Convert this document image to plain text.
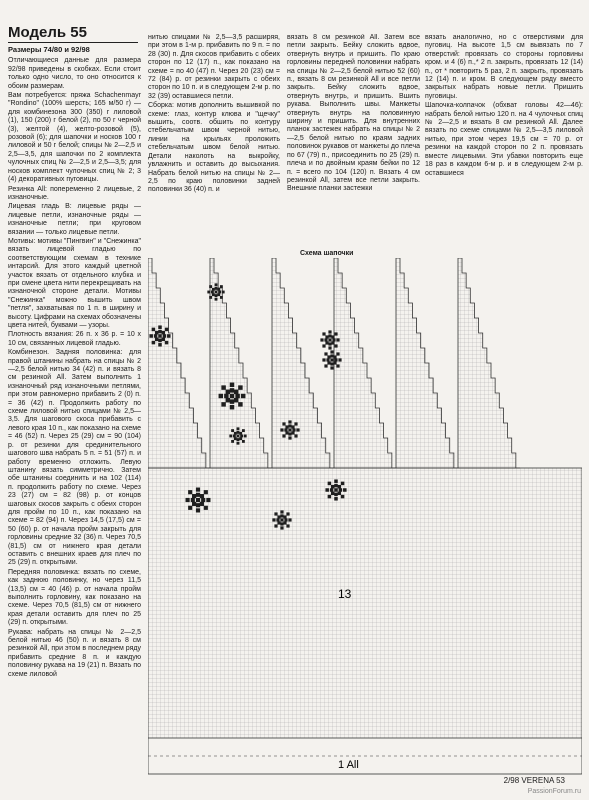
Модель 55

Размеры 74/80 и 92/98

Отличающиеся данные для размера 92/98 приведены в скобках. Если стоит только одно число, то оно относится к обоим размерам.

Вам потребуется: пряжа Schachenmayr "Rondino" (100% шерсть; 165 м/50 г) — для комбинезона 300 (350) г лиловой (1), 150 (200) г белой (2), по 50 г черной (3), желтой (4), желто-розовой (5), розовой (6); для шапочки и носков 100 г лиловой и 50 г белой; спицы № 2—2,5 и 2,5—3,5, для шапочки по 2 комплекта чулочных спиц № 2—2,5 и 2,5—3,5; для носков комплект чулочных спиц № 2; 3 (4) декоративных пуговицы.

Резинка All: попеременно 2 лицевые, 2 изнаночные.

Лицевая гладь В: лицевые ряды — лицевые петли, изнаночные ряды — изнаночные петли; при круговом вязании — только лицевые петли.

Мотивы: мотивы "Пингвин" и "Снежинка" вязать лицевой гладью по соответствующим схемам в технике интарсий. Для этого каждый цветной участок вязать от отдельного клубка и при смене цвета нити перекрещивать на изнаночной стороне детали. Мотивы "Снежинка" можно вышить швом "петля", захватывая по 1 п. в ширину и высоту. Цифрами на схемах обозначены цвета нитей, буквами — узоры.

Плотность вязания: 26 п. х 36 р. = 10 х 10 см, связанных лицевой гладью.

Комбинезон. Задняя половинка: для правой штанины набрать на спицы № 2—2,5 белой нитью 34 (42) п. и вязать 8 см резинкой All. Затем выполнить 1 изнаночный ряд изнаночными петлями, при этом равномерно прибавить 2 (0) п. = 36 (42) п. Продолжить работу по схеме лиловой нитью спицами № 2,5—3,5. Для шагового скоса прибавить с левого края 10 п., как показано на схеме = 46 (52) п. Через 25 (29) см = 90 (104) р. от резинки для срединительного шагового шва набрать 5 п. = 51 (57) п. и работу временно отложить. Левую штанину вязать симметрично. Затем обе штанины соединить и на 102 (114) п. продолжить работу по схеме. Через 23 (27) см = 82 (98) р. от концов шаговых скосов закрыть с обеих сторон для пройм по 10 п., как показано на схеме = 82 (94) п. Через 14,5 (17,5) см = 50 (60) р. от начала пройм закрыть для горловины средние 32 (36) п. Через 70,5 (81,5) см от нижнего края детали оставить с внешних краев для плеч по 25 (29) п. открытыми.

Передняя половинка: вязать по схеме, как заднюю половинку, но через 11,5 (13,5) см = 40 (46) р. от начала пройм выполнить горловину, как показано на схеме. Через 70,5 (81,5) см от нижнего края детали оставить для плеч по 25 (29) п. открытыми.

Рукава: набрать на спицы № 2—2,5 белой нитью 46 (50) п. и вязать 8 см резинкой All, при этом в последнем ряду прибавить средние 8 п. и каждую половинку рукава на 19 (21) п. Вязать по схеме лиловой

нитью спицами № 2,5—3,5 расширяя, при этом в 1-м р. прибавить по 9 п. = по 28 (30) п. Для скосов прибавить с обеих сторон по 12 (17) п., как показано на схеме = по 40 (47) п. Через 20 (23) см = 72 (84) р. от резинки закрыть с обеих сторон по 10 п. и в следующем 2-м р. по 32 (39) оставшиеся петли.

Сборка: мотив дополнить вышивкой по схеме: глаз, контур клюва и "щечку" вышить, соотв. обшить по контуру стебельчатым швом черной нитью, линии на крыльях проложить стебельчатым швом белой нитью. Детали наколоть на выкройку, увлажнить и оставить до высыхания. Набрать белой нитью на спицы № 2—2,5 по краю половинки задней половинки 36 (40) п. и

вязать 8 см резинкой All. Затем все петли закрыть. Бейку сложить вдвое, отвернуть внутрь и пришить. По краю горловины передней половинки набрать на спицы № 2—2,5 белой нитью 52 (60) п., вязать 8 см резинкой All и все петли закрыть. Бейку сложить вдвое, отвернуть внутрь, и пришить. Вшить рукава. Выполнить швы. Манжеты отвернуть внутрь на половинную ширину и пришить. Для внутренних планок застежек набрать на спицы № 2—2,5 белой нитью по краям задних половинок рукавов от манжеты до плеча по 67 (79) п., присоединить по 25 (29) п. плеча и по двойным краям бейки по 12 п. = всего по 104 (120) п. Вязать 4 см резинкой All, затем все петли закрыть. Внешние планки застежки

вязать аналогично, но с отверстиями для пуговиц. На высоте 1,5 см вывязать по 7 отверстий: провязать со стороны горловины кром. и 4 (6) п.,* 2 п. закрыть, провязать 12 (14) п., от * повторить 5 раз, 2 п. закрыть, провязать 12 (14) п. и кром. В следующем ряду вместо закрытых набрать новые петли. Пришить пуговицы.

Шапочка-колпачок (обхват головы 42—46): набрать белой нитью 120 п. на 4 чулочных спиц № 2—2,5 и вязать 8 см резинкой All. Далее вязать по схеме спицами № 2,5—3,5 лиловой нитью, при этом через 19,5 см = 70 р. от резинки на каждой сторон по 2 п. провязать вместе лицевыми. Эти убавки повторить еще 18 раз в каждом 6-м р. и в следующем 2-м р. оставшиеся

Схема шапочки
1 All
13
2/98 VERENA 53
PassionForum.ru
